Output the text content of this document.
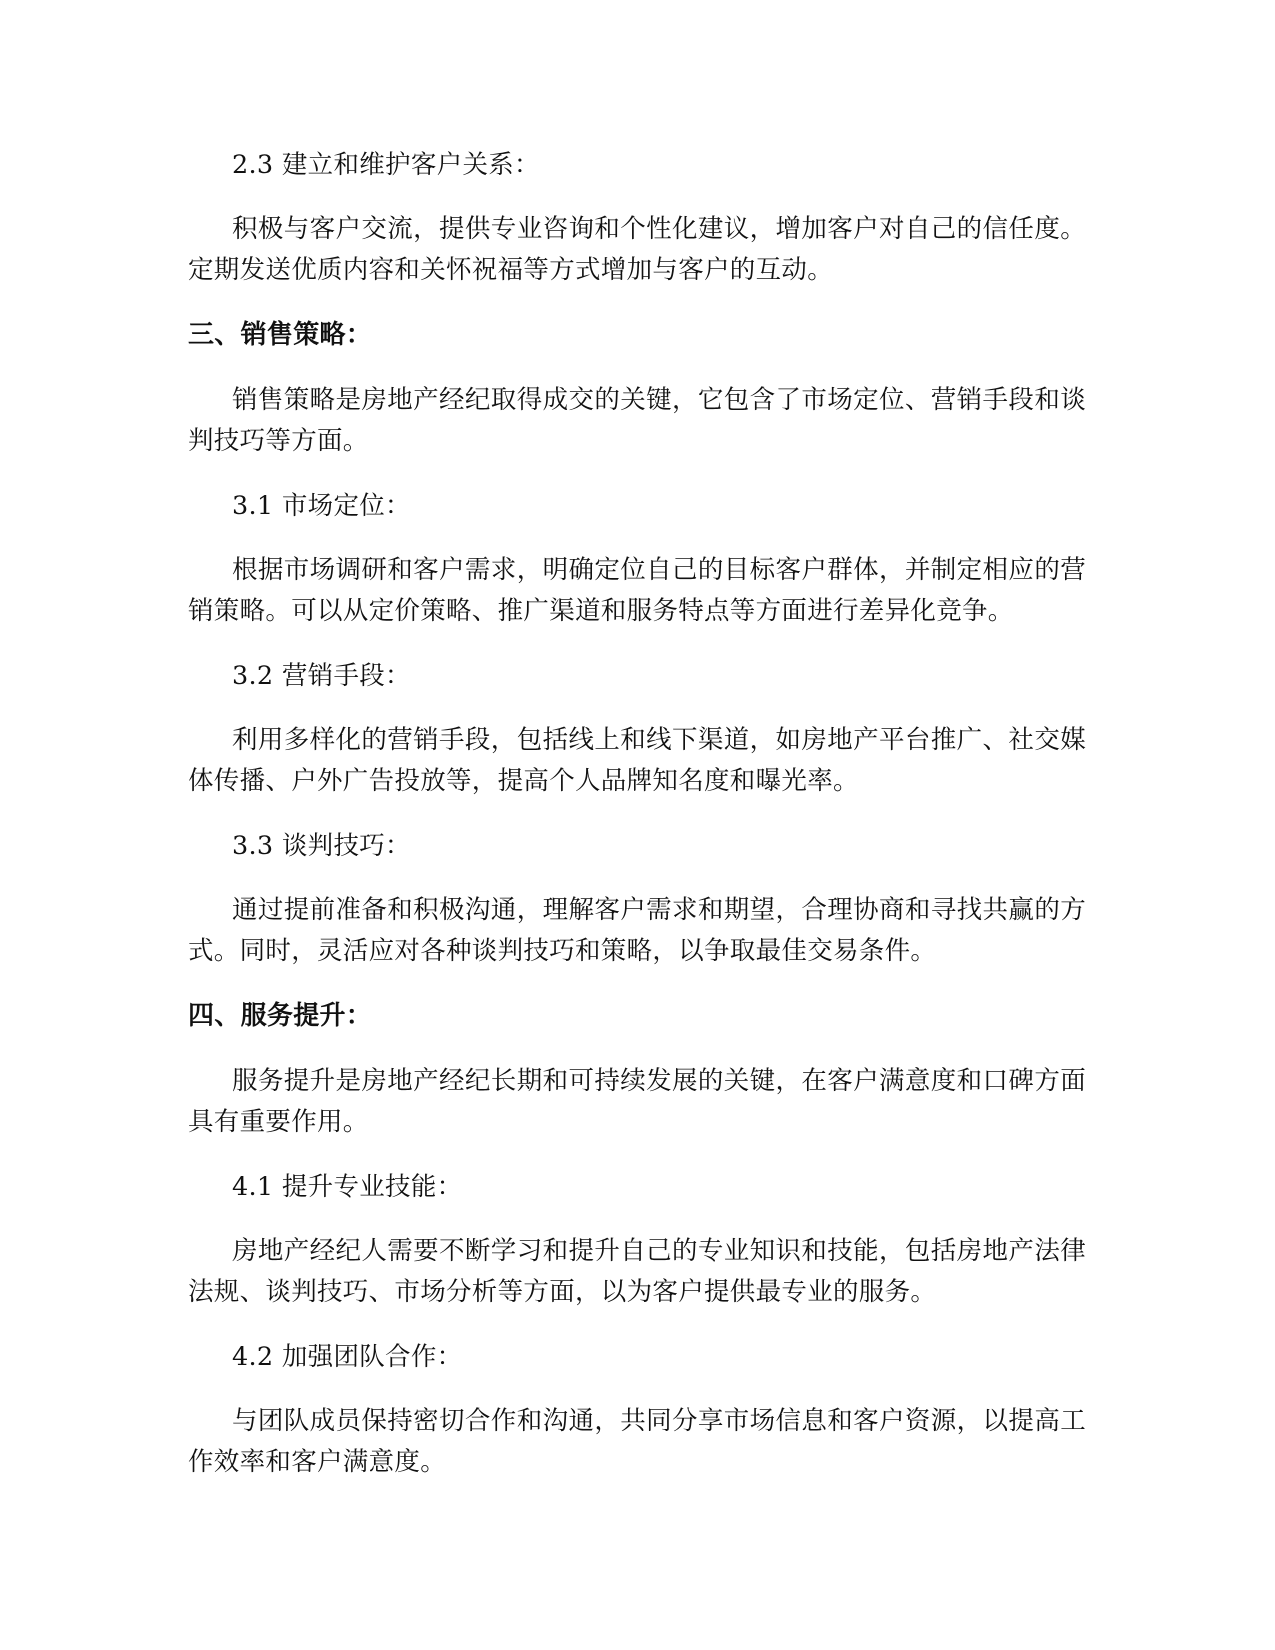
2.3 建立和维护客户关系：

积极与客户交流，提供专业咨询和个性化建议，增加客户对自己的信任度。定期发送优质内容和关怀祝福等方式增加与客户的互动。

三、销售策略：

销售策略是房地产经纪取得成交的关键，它包含了市场定位、营销手段和谈判技巧等方面。

3.1 市场定位：

根据市场调研和客户需求，明确定位自己的目标客户群体，并制定相应的营销策略。可以从定价策略、推广渠道和服务特点等方面进行差异化竞争。

3.2 营销手段：

利用多样化的营销手段，包括线上和线下渠道，如房地产平台推广、社交媒体传播、户外广告投放等，提高个人品牌知名度和曝光率。

3.3 谈判技巧：

通过提前准备和积极沟通，理解客户需求和期望，合理协商和寻找共赢的方式。同时，灵活应对各种谈判技巧和策略，以争取最佳交易条件。

四、服务提升：

服务提升是房地产经纪长期和可持续发展的关键，在客户满意度和口碑方面具有重要作用。

4.1 提升专业技能：

房地产经纪人需要不断学习和提升自己的专业知识和技能，包括房地产法律法规、谈判技巧、市场分析等方面，以为客户提供最专业的服务。

4.2 加强团队合作：

与团队成员保持密切合作和沟通，共同分享市场信息和客户资源，以提高工作效率和客户满意度。
